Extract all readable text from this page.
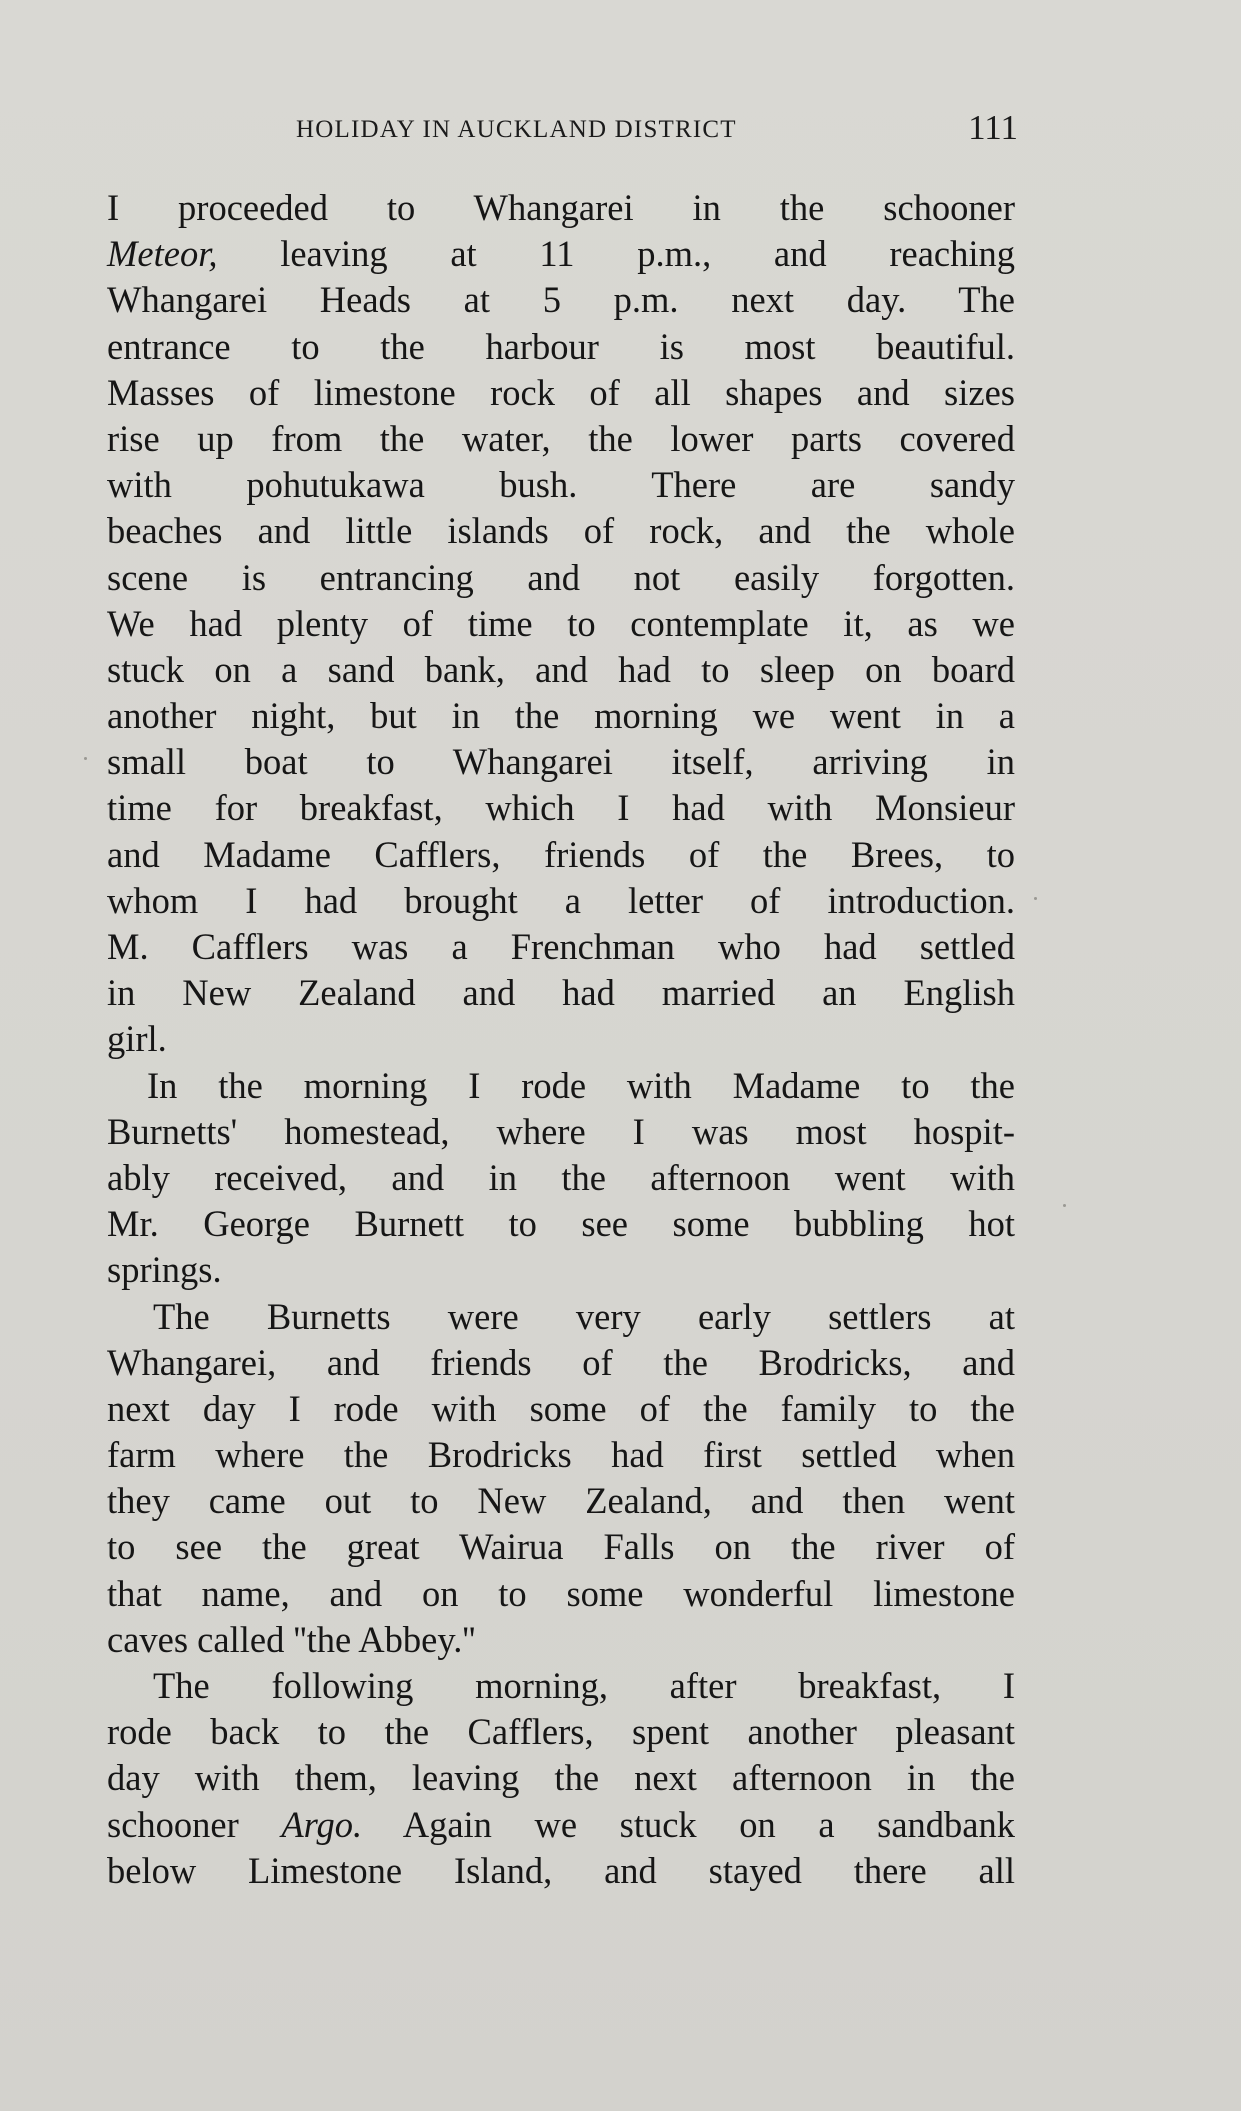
HOLIDAY IN AUCKLAND DISTRICT	111
I proceeded to Whangarei in the schooner
Meteor, leaving at 11 p.m., and reaching
Whangarei Heads at 5 p.m. next day. The
entrance to the harbour is most beautiful.
Masses of limestone rock of all shapes and sizes
rise up from the water, the lower parts covered
with pohutukawa bush. There are sandy
beaches and little islands of rock, and the whole
scene is entrancing and not easily forgotten.
We had plenty of time to contemplate it, as we
stuck on a sand bank, and had to sleep on board
another night, but in the morning we went in a
small boat to Whangarei itself, arriving in
time for breakfast, which I had with Monsieur
and Madame Cafflers, friends of the Brees, to
whom I had brought a letter of introduction.
M. Cafflers was a Frenchman who had settled
in New Zealand and had married an English
girl.
In the morning I rode with Madame to the
Burnetts' homestead, where I was most hospit-
ably received, and in the afternoon went with
Mr. George Burnett to see some bubbling hot
springs.
The Burnetts were very early settlers at
Whangarei, and friends of the Brodricks, and
next day I rode with some of the family to the
farm where the Brodricks had first settled when
they came out to New Zealand, and then went
to see the great Wairua Falls on the river of
that name, and on to some wonderful limestone
caves called ''the Abbey.''
The following morning, after breakfast, I
rode back to the Cafflers, spent another pleasant
day with them, leaving the next afternoon in the
schooner Argo. Again we stuck on a sandbank
below Limestone Island, and stayed there all
